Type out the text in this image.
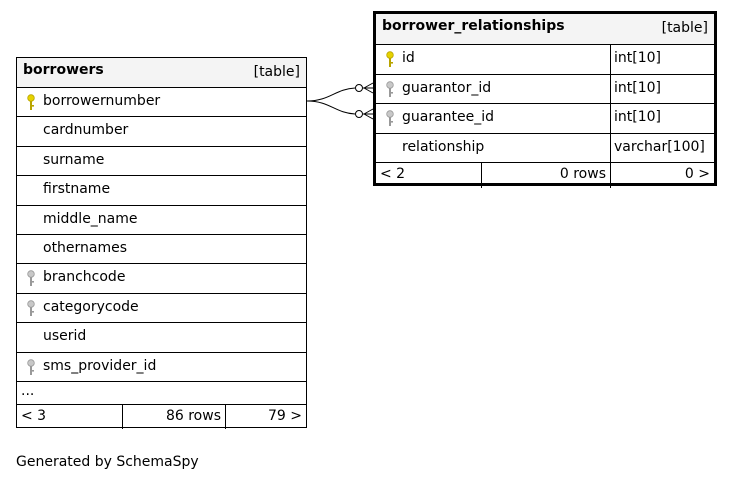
borrowers	[table]
borrowernumber
cardnumber
surname
firstname
middle_name
othernames
branchcode
categorycode
userid
sms_provider_id
...
< 3	86 rows	79 >
borrower_relationships	[table]
id	int[10]
guarantor_id	int[10]
guarantee_id	int[10]
relationship	varchar[100]
< 2	0 rows	0 >
Generated by SchemaSpy
